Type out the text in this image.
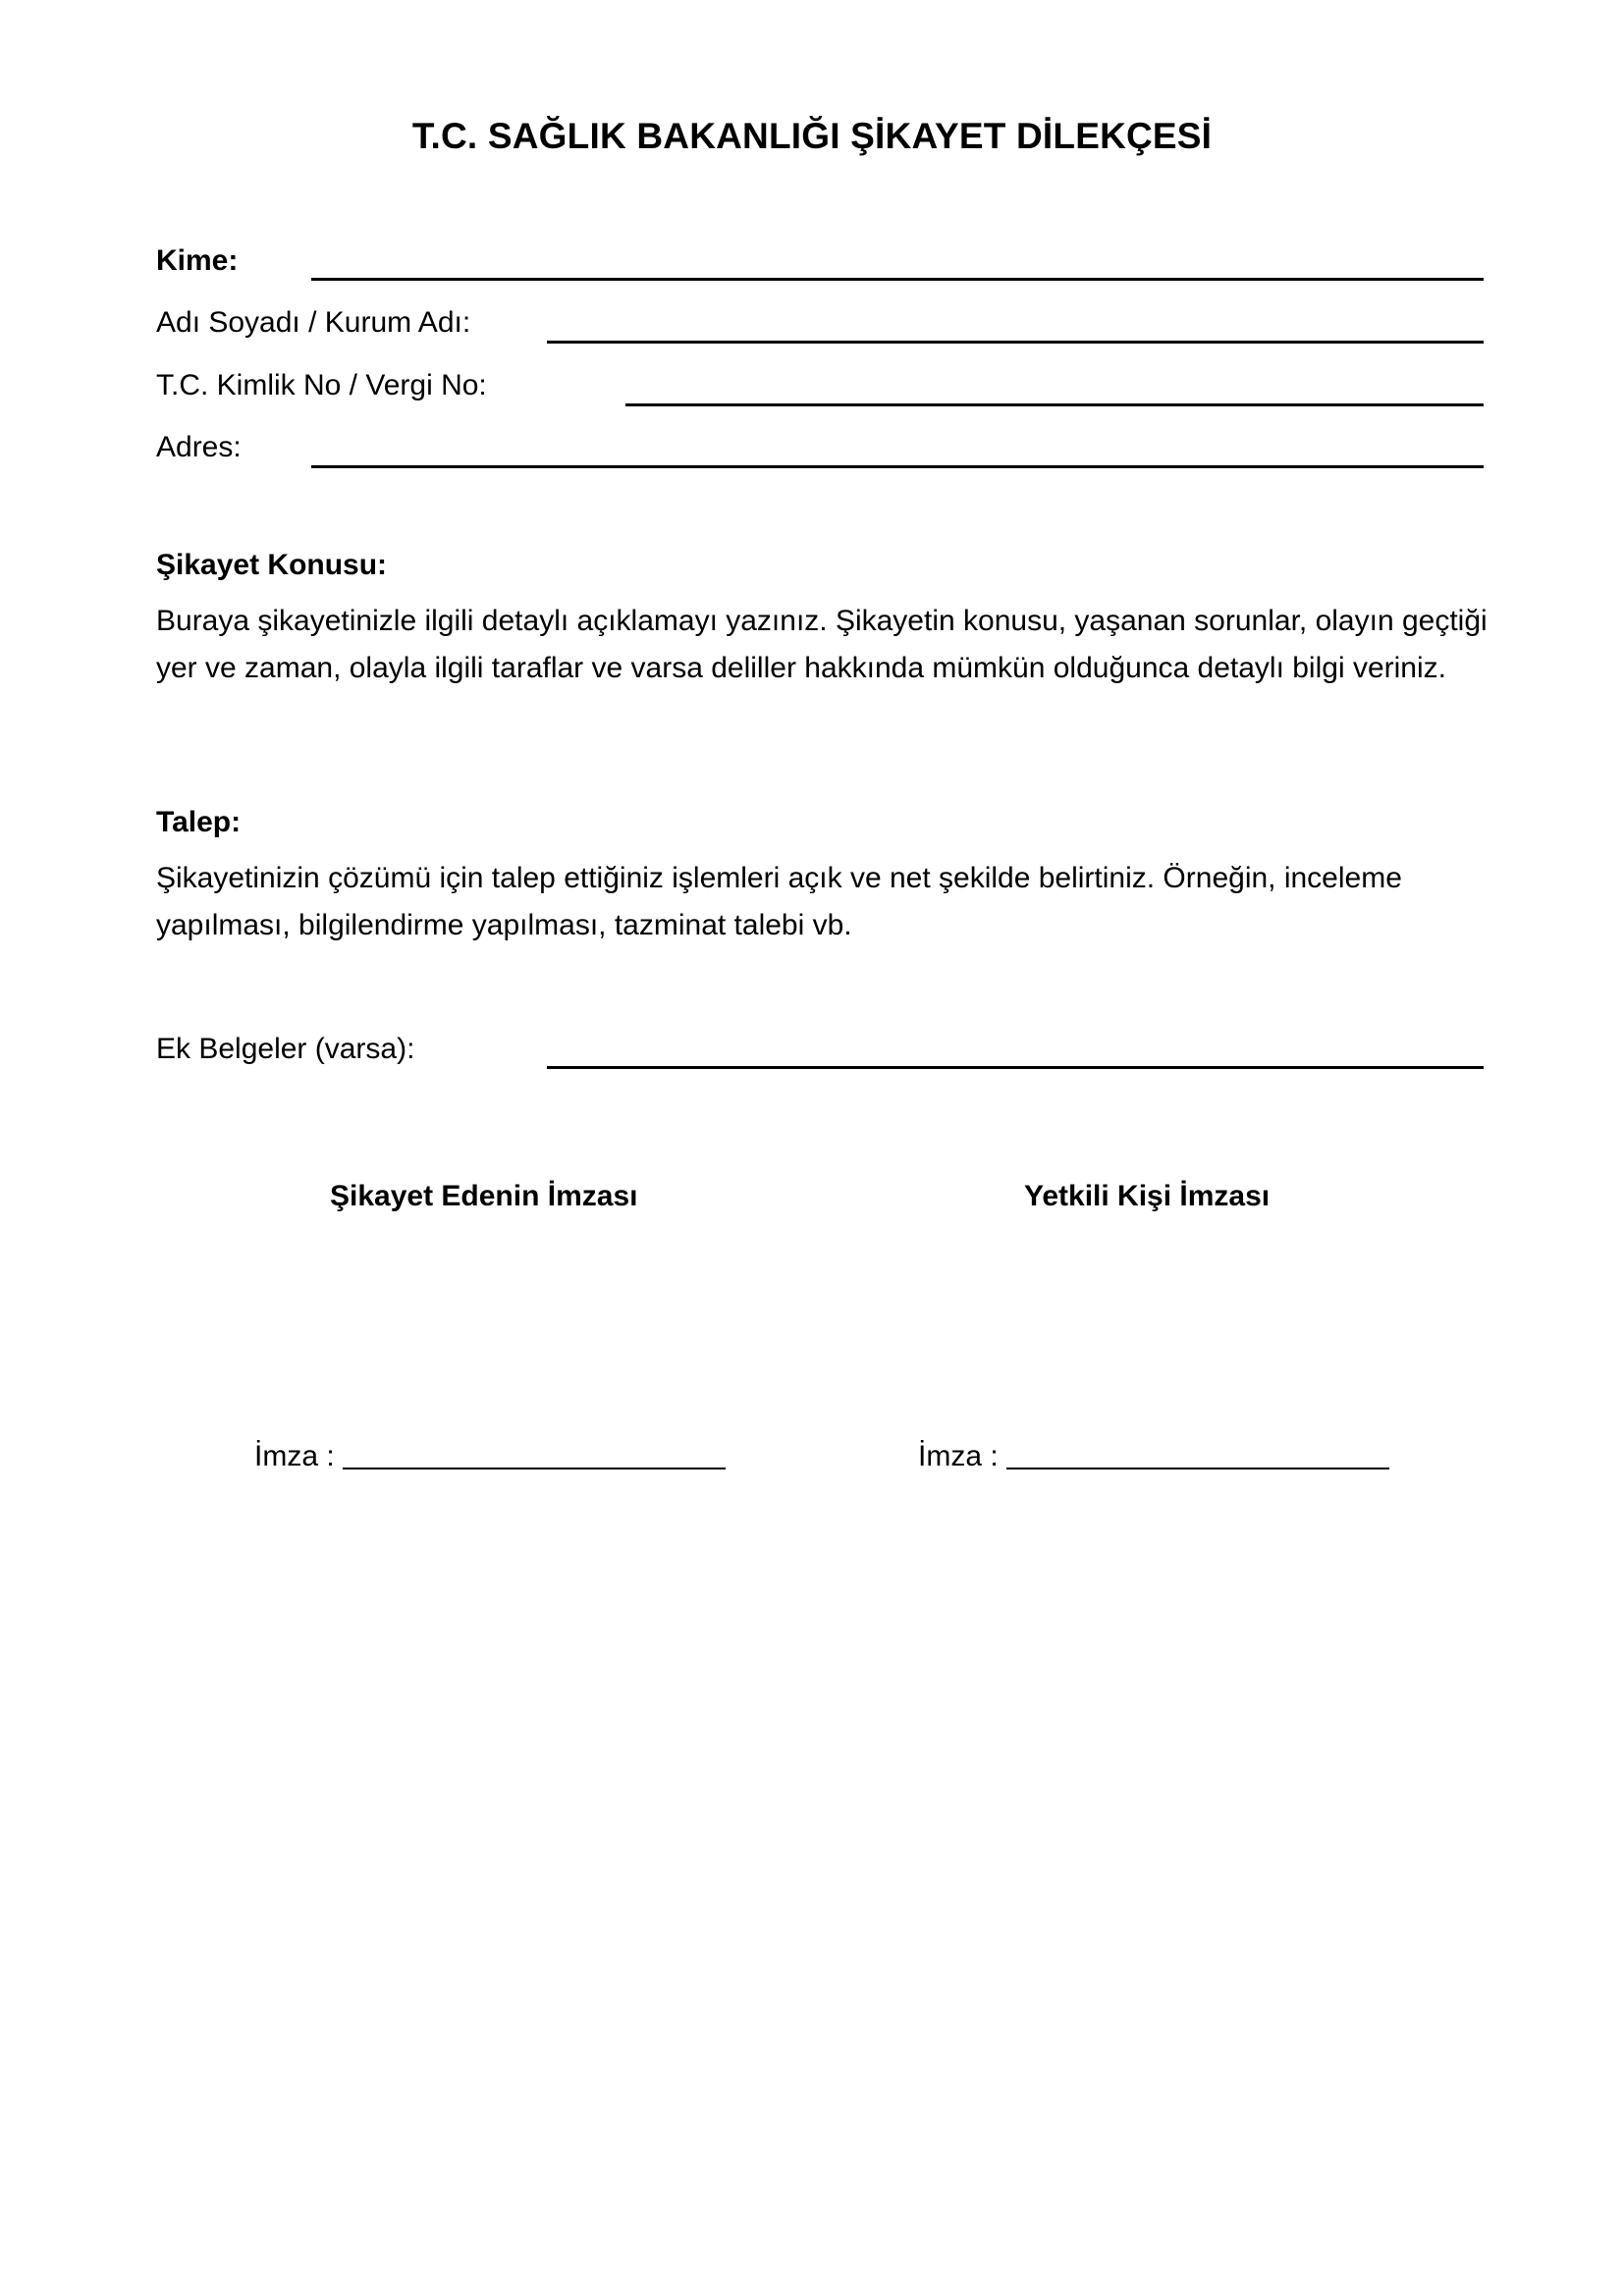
T.C. SAĞLIK BAKANLIĞI ŞİKAYET DİLEKÇESİ
Kime:
Adı Soyadı / Kurum Adı:
T.C. Kimlik No / Vergi No:
Adres:
Şikayet Konusu:

Buraya şikayetinizle ilgili detaylı açıklamayı yazınız. Şikayetin konusu, yaşanan sorunlar, olayın geçtiği yer ve zaman, olayla ilgili taraflar ve varsa deliller hakkında mümkün olduğunca detaylı bilgi veriniz.

Talep:

Şikayetinizin çözümü için talep ettiğiniz işlemleri açık ve net şekilde belirtiniz. Örneğin, inceleme yapılması, bilgilendirme yapılması, tazminat talebi vb.

Ek Belgeler (varsa):
Şikayet Edenin İmzası	Yetkili Kişi İmzası
İmza :	İmza :
